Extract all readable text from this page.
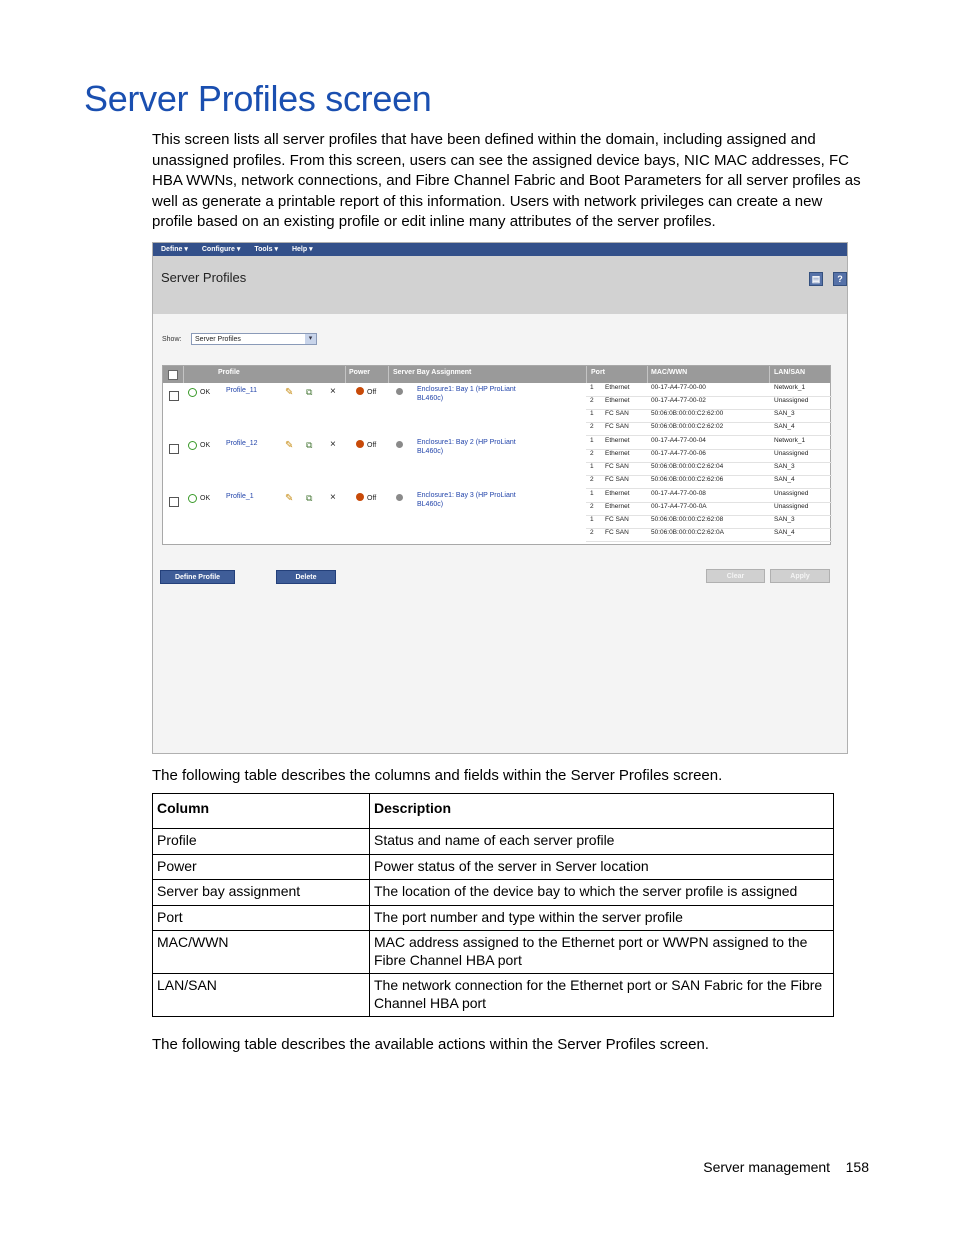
Server Profiles screen

This screen lists all server profiles that have been defined within the domain, including assigned and unassigned profiles. From this screen, users can see the assigned device bays, NIC MAC addresses, FC HBA WWNs, network connections, and Fibre Channel Fabric and Boot Parameters for all server profiles as well as generate a printable report of this information. Users with network privileges can create a new profile based on an existing profile or edit inline many attributes of the server profiles.

Define ▾ Configure ▾ Tools ▾ Help ▾
Server Profiles	▤	?
Show:	Server Profiles	▾
Profile	Power	Server Bay Assignment	Port	MAC/WWN	LAN/SAN
OK Profile_11	✎ ⧉ ×	Off	Enclosure1: Bay 1 (HP ProLiant
BL460c)
1 Ethernet	00-17-A4-77-00-00	Network_1
2 Ethernet	00-17-A4-77-00-02	Unassigned
1 FC SAN	50:06:0B:00:00:C2:62:00	SAN_3
2 FC SAN	50:06:0B:00:00:C2:62:02	SAN_4
OK Profile_12	✎ ⧉ ×	Off	Enclosure1: Bay 2 (HP ProLiant
BL460c)
1 Ethernet	00-17-A4-77-00-04	Network_1
2 Ethernet	00-17-A4-77-00-06	Unassigned
1 FC SAN	50:06:0B:00:00:C2:62:04	SAN_3
2 FC SAN	50:06:0B:00:00:C2:62:06	SAN_4
OK Profile_1	✎ ⧉ ×	Off	Enclosure1: Bay 3 (HP ProLiant
BL460c)
1 Ethernet	00-17-A4-77-00-08	Unassigned
2 Ethernet	00-17-A4-77-00-0A	Unassigned
1 FC SAN	50:06:0B:00:00:C2:62:08	SAN_3
2 FC SAN	50:06:0B:00:00:C2:62:0A	SAN_4
Define Profile	Delete	Clear	Apply

The following table describes the columns and fields within the Server Profiles screen.

Column	Description
Profile	Status and name of each server profile
Power	Power status of the server in Server location
Server bay assignment	The location of the device bay to which the server profile is assigned
Port	The port number and type within the server profile
MAC/WWN	MAC address assigned to the Ethernet port or WWPN assigned to the Fibre Channel HBA port
LAN/SAN	The network connection for the Ethernet port or SAN Fabric for the Fibre Channel HBA port

The following table describes the available actions within the Server Profiles screen.

Server management 158
